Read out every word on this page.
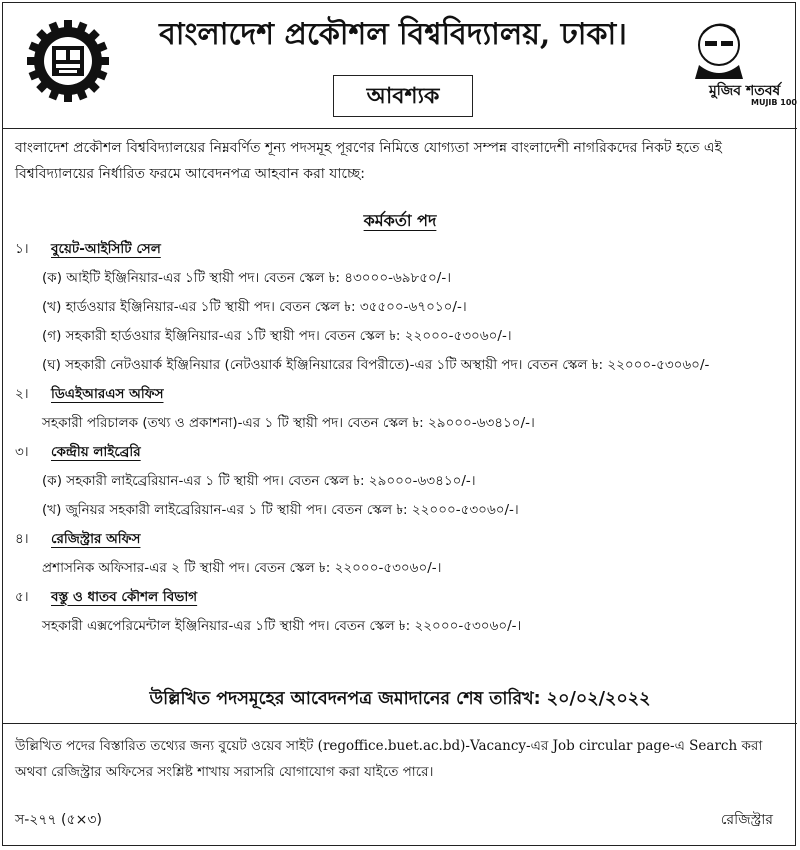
বাংলাদেশ প্রকৌশল বিশ্ববিদ্যালয়, ঢাকা।
আবশ্যক	মুজিব শতবর্ষ
MUJIB 100
বাংলাদেশ প্রকৌশল বিশ্ববিদ্যালয়ের নিম্নবর্ণিত শূন্য পদসমূহ পূরণের নিমিত্তে যোগ্যতা সম্পন্ন বাংলাদেশী নাগরিকদের নিকট হতে এই বিশ্ববিদ্যালয়ের নির্ধারিত ফরমে আবেদনপত্র আহবান করা যাচ্ছে:
কর্মকর্তা পদ
১। বুয়েট-আইসিটি সেল
(ক) আইটি ইঞ্জিনিয়ার-এর ১টি স্থায়ী পদ। বেতন স্কেল ৳: ৪৩০০০-৬৯৮৫০/-।
(খ) হার্ডওয়ার ইঞ্জিনিয়ার-এর ১টি স্থায়ী পদ। বেতন স্কেল ৳: ৩৫৫০০-৬৭০১০/-।
(গ) সহকারী হার্ডওয়ার ইঞ্জিনিয়ার-এর ১টি স্থায়ী পদ। বেতন স্কেল ৳: ২২০০০-৫৩০৬০/-।
(ঘ) সহকারী নেটওয়ার্ক ইঞ্জিনিয়ার (নেটওয়ার্ক ইঞ্জিনিয়ারের বিপরীতে)-এর ১টি অস্থায়ী পদ। বেতন স্কেল ৳: ২২০০০-৫৩০৬০/-
২। ডিএইআরএস অফিস
সহকারী পরিচালক (তথ্য ও প্রকাশনা)-এর ১ টি স্থায়ী পদ। বেতন স্কেল ৳: ২৯০০০-৬৩৪১০/-।
৩। কেন্দ্রীয় লাইব্রেরি
(ক) সহকারী লাইব্রেরিয়ান-এর ১ টি স্থায়ী পদ। বেতন স্কেল ৳: ২৯০০০-৬৩৪১০/-।
(খ) জুনিয়র সহকারী লাইব্রেরিয়ান-এর ১ টি স্থায়ী পদ। বেতন স্কেল ৳: ২২০০০-৫৩০৬০/-।
৪। রেজিস্ট্রার অফিস
প্রশাসনিক অফিসার-এর ২ টি স্থায়ী পদ। বেতন স্কেল ৳: ২২০০০-৫৩০৬০/-।
৫। বস্তু ও ধাতব কৌশল বিভাগ
সহকারী এক্সপেরিমেন্টাল ইঞ্জিনিয়ার-এর ১টি স্থায়ী পদ। বেতন স্কেল ৳: ২২০০০-৫৩০৬০/-।
উল্লিখিত পদসমূহের আবেদনপত্র জমাদানের শেষ তারিখ: ২০/০২/২০২২
উল্লিখিত পদের বিস্তারিত তথ্যের জন্য বুয়েট ওয়েব সাইট (regoffice.buet.ac.bd)-Vacancy-এর Job circular page-এ Search করা অথবা রেজিস্ট্রার অফিসের সংশ্লিষ্ট শাখায় সরাসরি যোগাযোগ করা যাইতে পারে।
স-২৭৭ (৫×৩)	রেজিস্ট্রার
